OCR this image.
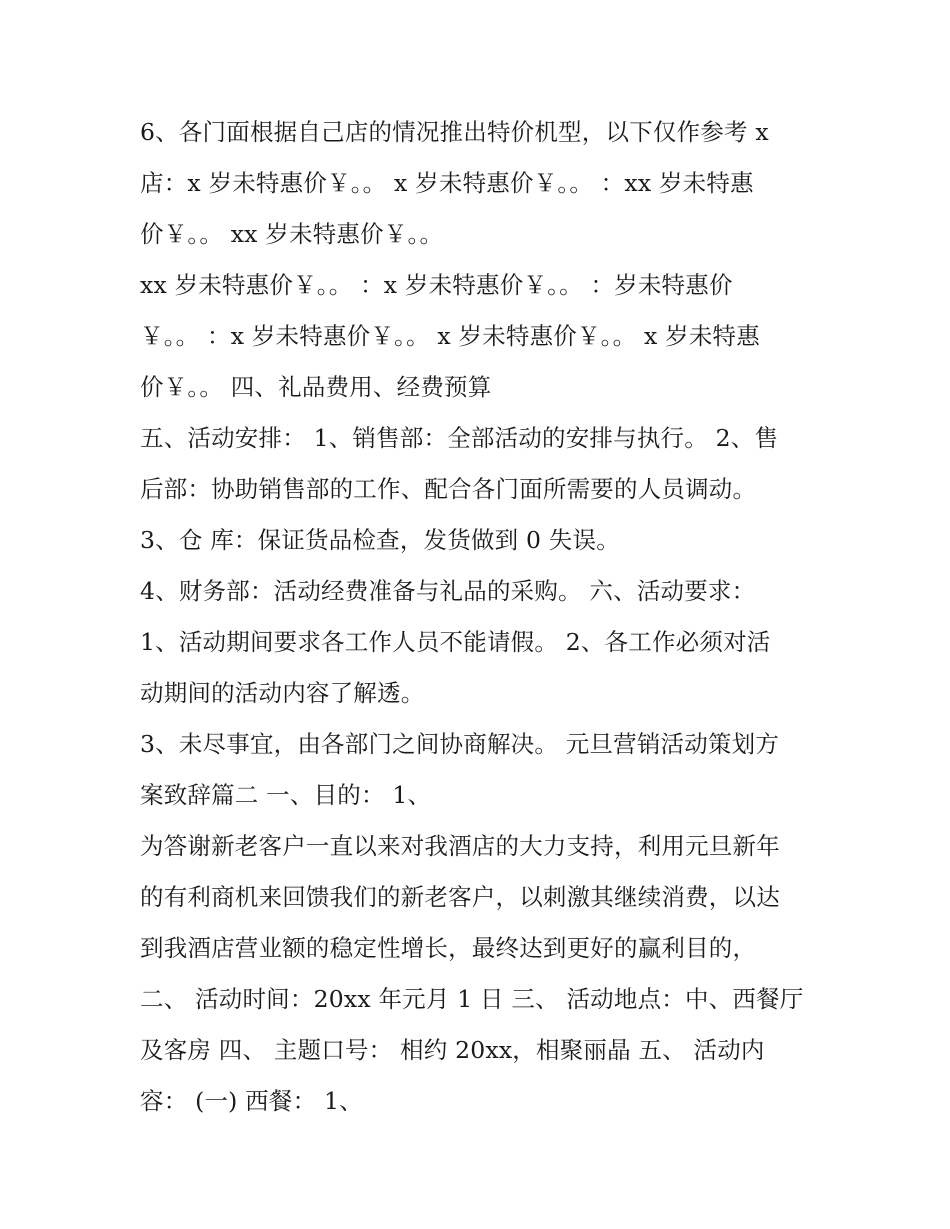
6、各门面根据自己店的情况推出特价机型，以下仅作参考 x
店：x 岁未特惠价￥。。 x 岁未特惠价￥。。 ：xx 岁未特惠
价￥。。 xx 岁未特惠价￥。。
xx 岁未特惠价￥。。 ：x 岁未特惠价￥。。 ：岁未特惠价
￥。。 ：x 岁未特惠价￥。。 x 岁未特惠价￥。。 x 岁未特惠
价￥。。 四、礼品费用、经费预算
五、活动安排： 1、销售部：全部活动的安排与执行。 2、售
后部：协助销售部的工作、配合各门面所需要的人员调动。
3、仓 库：保证货品检查，发货做到 0 失误。
4、财务部：活动经费准备与礼品的采购。 六、活动要求：
1、活动期间要求各工作人员不能请假。 2、各工作必须对活
动期间的活动内容了解透。
3、未尽事宜，由各部门之间协商解决。 元旦营销活动策划方
案致辞篇二 一、目的： 1、
为答谢新老客户一直以来对我酒店的大力支持，利用元旦新年
的有利商机来回馈我们的新老客户，以刺激其继续消费，以达
到我酒店营业额的稳定性增长，最终达到更好的赢利目的，
二、 活动时间：20xx 年元月 1 日 三、 活动地点：中、西餐厅
及客房 四、 主题口号： 相约 20xx，相聚丽晶 五、 活动内
容： (一) 西餐： 1、
